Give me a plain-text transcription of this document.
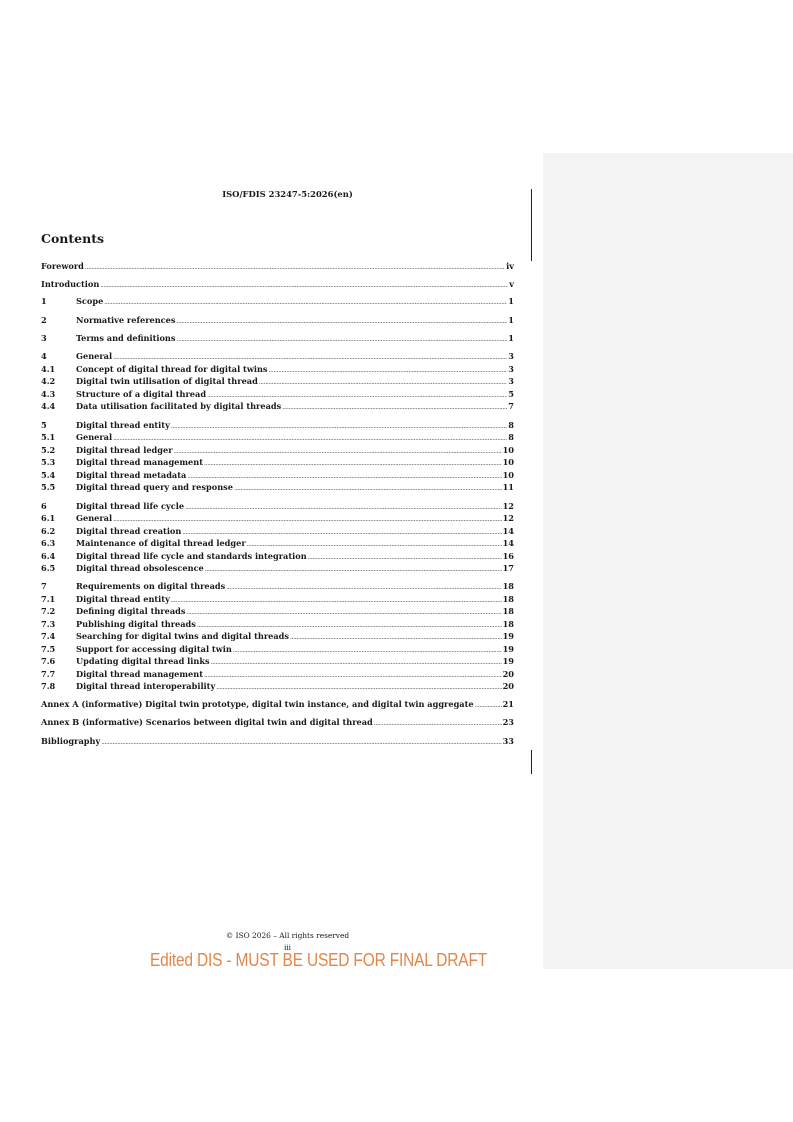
ISO/FDIS 23247-5:2026(en)
Contents
Foreword .....	iv
Introduction .....	v
1	Scope .....	1
2	Normative references .....	1
3	Terms and definitions .....	1
4	General .....	3
4.1	Concept of digital thread for digital twins .....	3
4.2	Digital twin utilisation of digital thread .....	3
4.3	Structure of a digital thread .....	5
4.4	Data utilisation facilitated by digital threads .....	7
5	Digital thread entity .....	8
5.1	General .....	8
5.2	Digital thread ledger .....	10
5.3	Digital thread management .....	10
5.4	Digital thread metadata .....	10
5.5	Digital thread query and response .....	11
6	Digital thread life cycle .....	12
6.1	General .....	12
6.2	Digital thread creation .....	14
6.3	Maintenance of digital thread ledger .....	14
6.4	Digital thread life cycle and standards integration .....	16
6.5	Digital thread obsolescence .....	17
7	Requirements on digital threads .....	18
7.1	Digital thread entity .....	18
7.2	Defining digital threads .....	18
7.3	Publishing digital threads .....	18
7.4	Searching for digital twins and digital threads .....	19
7.5	Support for accessing digital twin .....	19
7.6	Updating digital thread links .....	19
7.7	Digital thread management .....	20
7.8	Digital thread interoperability .....	20
Annex A (informative) Digital twin prototype, digital twin instance, and digital twin aggregate .....	21
Annex B (informative) Scenarios between digital twin and digital thread .....	23
Bibliography .....	33
© ISO 2026 – All rights reserved
iii
Edited DIS - MUST BE USED FOR FINAL DRAFT
